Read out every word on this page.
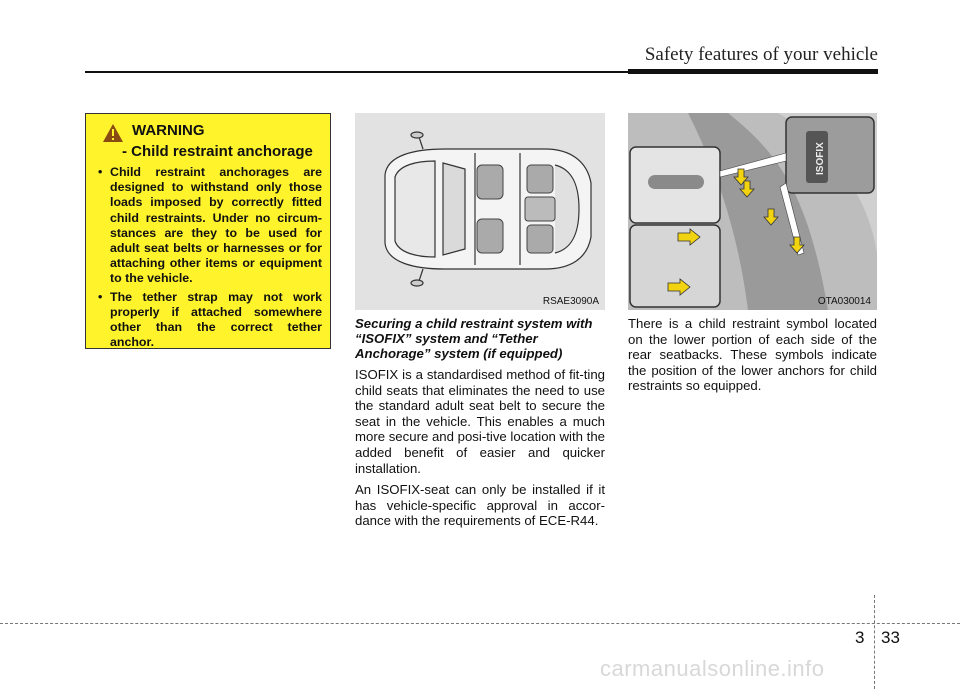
Safety features of your vehicle
WARNING
- Child restraint anchorage
• Child restraint anchorages are designed to withstand only those loads imposed by correctly fitted child restraints. Under no circum-stances are they to be used for adult seat belts or harnesses or for attaching other items or equipment to the vehicle.
• The tether strap may not work properly if attached somewhere other than the correct tether anchor.
RSAE3090A
ISOFIX
OTA030014

Securing a child restraint system with “ISOFIX” system and “Tether Anchorage” system (if equipped)

ISOFIX is a standardised method of fit-ting child seats that eliminates the need to use the standard adult seat belt to secure the seat in the vehicle. This enables a much more secure and posi-tive location with the added benefit of easier and quicker installation.

An ISOFIX-seat can only be installed if it has vehicle-specific approval in accor-dance with the requirements of ECE-R44.

There is a child restraint symbol located on the lower portion of each side of the rear seatbacks. These symbols indicate the position of the lower anchors for child restraints so equipped.

3 33
carmanualsonline.info
